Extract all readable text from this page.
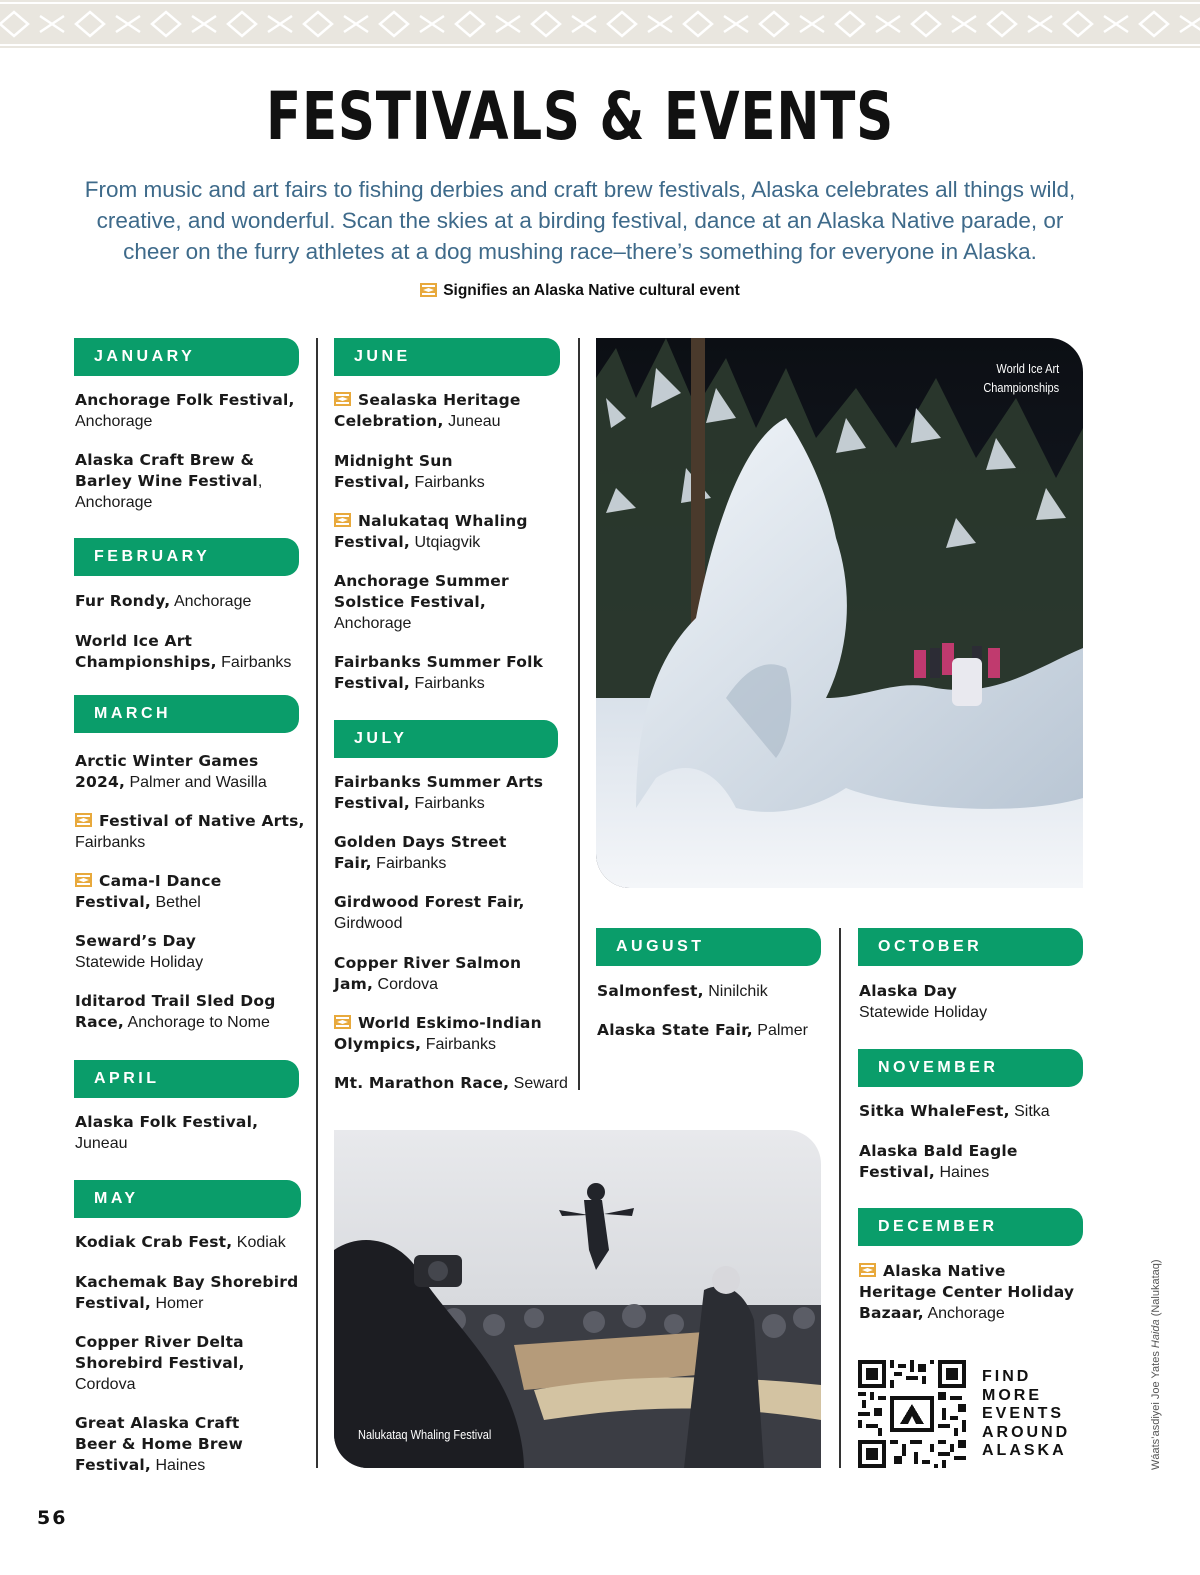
FESTIVALS & EVENTS

From music and art fairs to fishing derbies and craft brew festivals, Alaska celebrates all things wild, creative, and wonderful. Scan the skies at a birding festival, dance at an Alaska Native parade, or cheer on the furry athletes at a dog mushing race–there’s something for everyone in Alaska.

Signifies an Alaska Native cultural event
JANUARY
Anchorage Folk Festival, Anchorage
Alaska Craft Brew & Barley Wine Festival, Anchorage
FEBRUARY
Fur Rondy, Anchorage
World Ice Art Championships, Fairbanks
MARCH
Arctic Winter Games 2024, Palmer and Wasilla
Festival of Native Arts, Fairbanks
Cama-I Dance Festival, Bethel
Seward’s Day
Statewide Holiday
Iditarod Trail Sled Dog Race, Anchorage to Nome
APRIL
Alaska Folk Festival, Juneau
MAY
Kodiak Crab Fest, Kodiak
Kachemak Bay Shorebird Festival, Homer
Copper River Delta Shorebird Festival, Cordova
Great Alaska Craft Beer & Home Brew Festival, Haines
JUNE
Sealaska Heritage Celebration, Juneau
Midnight Sun Festival, Fairbanks
Nalukataq Whaling Festival, Utqiagvik
Anchorage Summer Solstice Festival, Anchorage
Fairbanks Summer Folk Festival, Fairbanks
JULY
Fairbanks Summer Arts Festival, Fairbanks
Golden Days Street Fair, Fairbanks
Girdwood Forest Fair, Girdwood
Copper River Salmon Jam, Cordova
World Eskimo-Indian Olympics, Fairbanks
Mt. Marathon Race, Seward
World Ice Art
Championships
Nalukataq Whaling Festival
AUGUST
Salmonfest, Ninilchik
Alaska State Fair, Palmer
OCTOBER
Alaska Day
Statewide Holiday
NOVEMBER
Sitka WhaleFest, Sitka
Alaska Bald Eagle Festival, Haines
DECEMBER
Alaska Native Heritage Center Holiday Bazaar, Anchorage
FIND
MORE
EVENTS
AROUND
ALASKA	Wáats’asdiyei Joe Yates Haida (Nalukataq)
56
